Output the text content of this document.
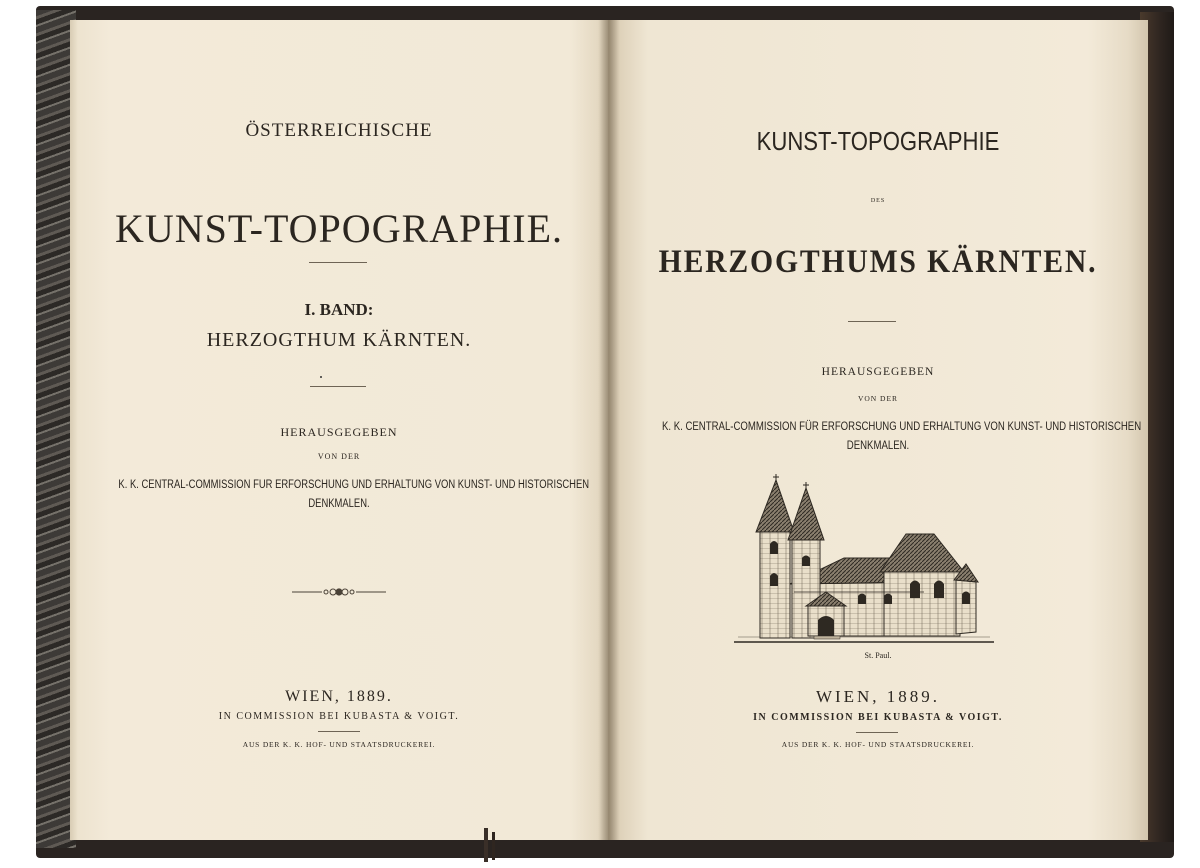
ÖSTERREICHISCHE
KUNST-TOPOGRAPHIE.
I. BAND:
HERZOGTHUM KÄRNTEN.
HERAUSGEGEBEN
VON DER
K. K. CENTRAL-COMMISSION FÜR ERFORSCHUNG UND ERHALTUNG VON KUNST- UND HISTORISCHEN
DENKMALEN.
WIEN, 1889.
IN COMMISSION BEI KUBASTA & VOIGT.
AUS DER K. K. HOF- UND STAATSDRUCKEREI.
KUNST-TOPOGRAPHIE
DES
HERZOGTHUMS KÄRNTEN.
HERAUSGEGEBEN
VON DER
K. K. CENTRAL-COMMISSION FÜR ERFORSCHUNG UND ERHALTUNG VON KUNST- UND HISTORISCHEN
DENKMALEN.
St. Paul.
WIEN, 1889.
IN COMMISSION BEI KUBASTA & VOIGT.
AUS DER K. K. HOF- UND STAATSDRUCKEREI.
